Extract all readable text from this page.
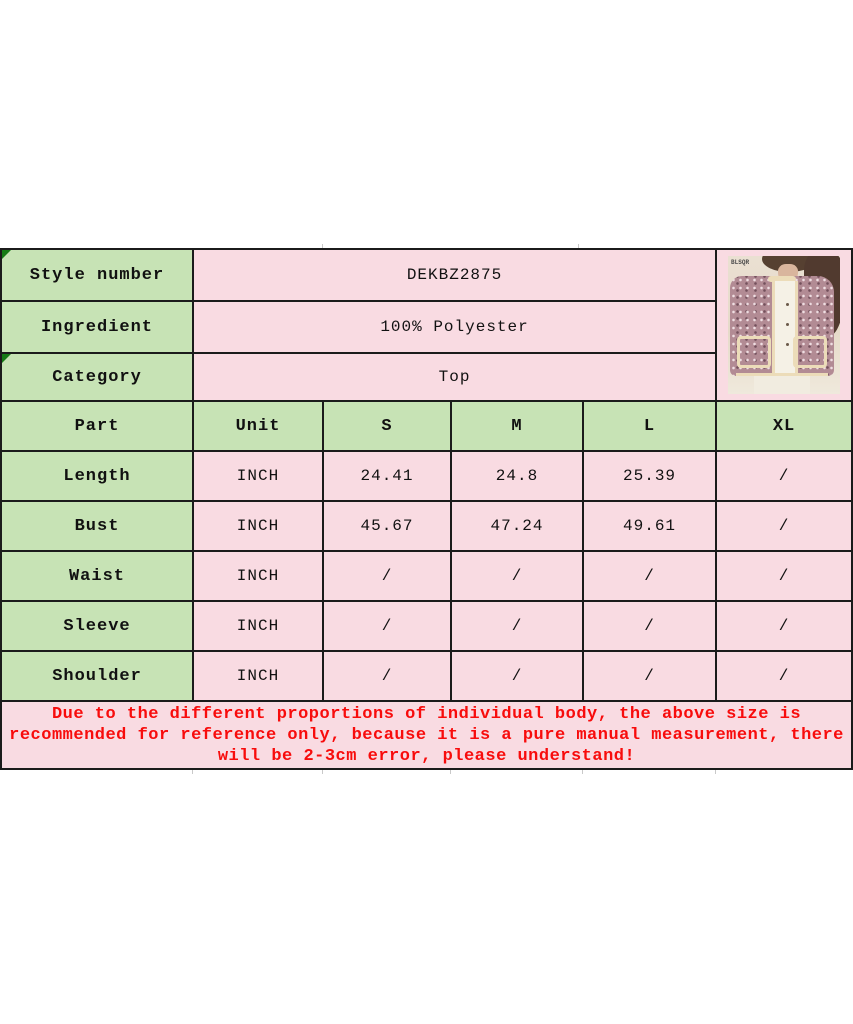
Style number	DEKBZ2875				BLSQR

Ingredient	100% Polyester				

Category	Top				
Part	Unit	S	M	L	XL
Length	INCH	24.41	24.8	25.39	/
Bust	INCH	45.67	47.24	49.61	/
Waist	INCH	/	/	/	/
Sleeve	INCH	/	/	/	/
Shoulder	INCH	/	/	/	/

Due to the different proportions of individual body, the above size is
recommended for reference only, because it is a pure manual measurement, there
will be 2-3cm error, please understand!					
